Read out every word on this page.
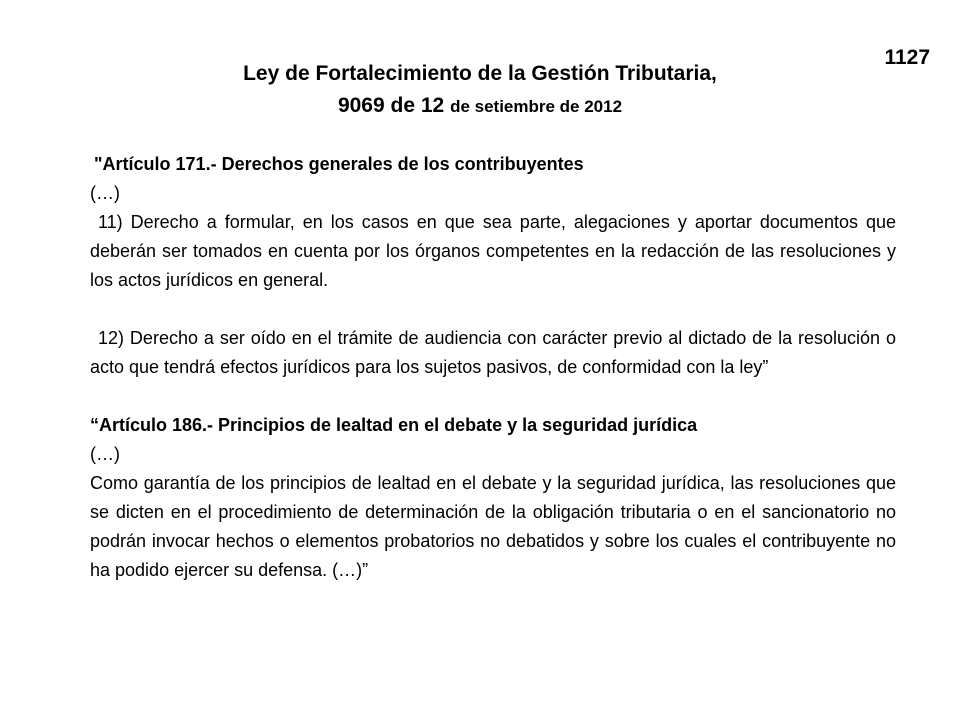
1127
Ley de Fortalecimiento de la Gestión Tributaria,
9069 de 12 de setiembre de 2012

"Artículo 171.- Derechos generales de los contribuyentes

(…)

11) Derecho a formular, en los casos en que sea parte, alegaciones y aportar documentos que deberán ser tomados en cuenta por los órganos competentes en la redacción de las resoluciones y los actos jurídicos en general.

12) Derecho a ser oído en el trámite de audiencia con carácter previo al dictado de la resolución o acto que tendrá efectos jurídicos para los sujetos pasivos, de conformidad con la ley”

“Artículo 186.- Principios de lealtad en el debate y la seguridad jurídica

(…)

Como garantía de los principios de lealtad en el debate y la seguridad jurídica, las resoluciones que se dicten en el procedimiento de determinación de la obligación tributaria o en el sancionatorio no podrán invocar hechos o elementos probatorios no debatidos y sobre los cuales el contribuyente no ha podido ejercer su defensa. (…)”
